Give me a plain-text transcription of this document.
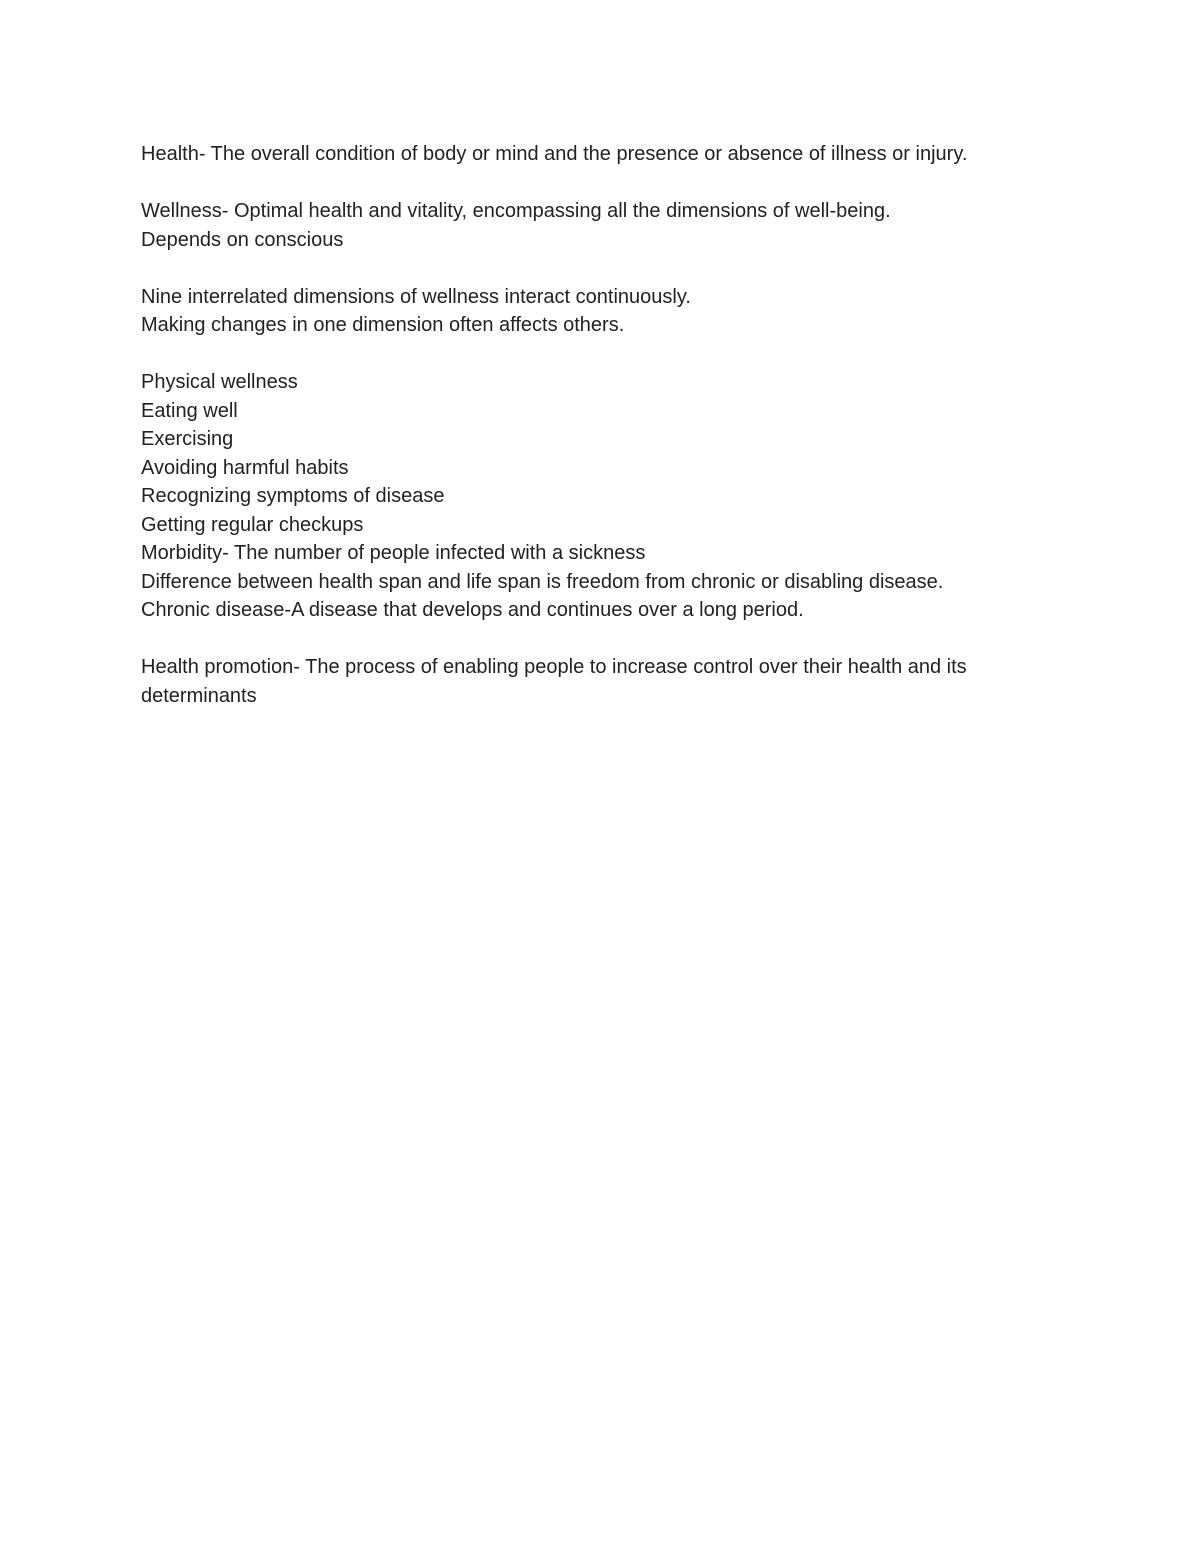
Health- The overall condition of body or mind and the presence or absence of illness or injury.

Wellness- Optimal health and vitality, encompassing all the dimensions of well-being.
Depends on conscious

Nine interrelated dimensions of wellness interact continuously.
Making changes in one dimension often affects others.

Physical wellness
Eating well
Exercising
Avoiding harmful habits
Recognizing symptoms of disease
Getting regular checkups
Morbidity- The number of people infected with a sickness
Difference between health span and life span is freedom from chronic or disabling disease.
Chronic disease-A disease that develops and continues over a long period.

Health promotion- The process of enabling people to increase control over their health and its determinants
